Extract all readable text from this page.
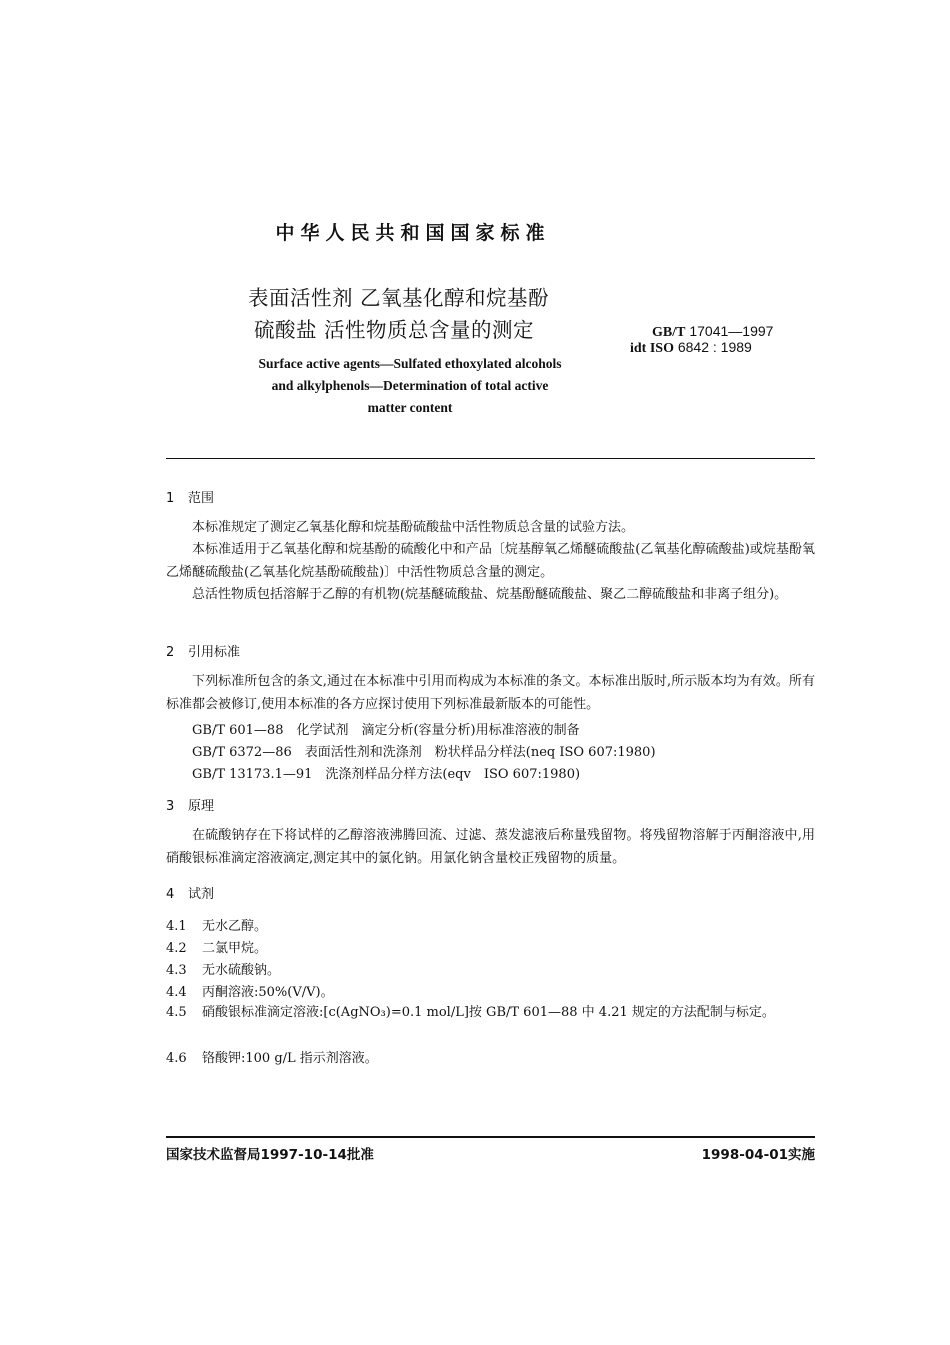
中华人民共和国国家标准
表面活性剂 乙氧基化醇和烷基酚
硫酸盐 活性物质总含量的测定	GB/T 17041—1997
idt ISO 6842 : 1989
Surface active agents—Sulfated ethoxylated alcohols
and alkylphenols—Determination of total active
matter content
1 范围
本标准规定了测定乙氧基化醇和烷基酚硫酸盐中活性物质总含量的试验方法。
本标准适用于乙氧基化醇和烷基酚的硫酸化中和产品〔烷基醇氧乙烯醚硫酸盐(乙氧基化醇硫酸盐)或烷基酚氧乙烯醚硫酸盐(乙氧基化烷基酚硫酸盐)〕中活性物质总含量的测定。
总活性物质包括溶解于乙醇的有机物(烷基醚硫酸盐、烷基酚醚硫酸盐、聚乙二醇硫酸盐和非离子组分)。
2 引用标准
下列标准所包含的条文,通过在本标准中引用而构成为本标准的条文。本标准出版时,所示版本均为有效。所有标准都会被修订,使用本标准的各方应探讨使用下列标准最新版本的可能性。
GB/T 601—88　化学试剂　滴定分析(容量分析)用标准溶液的制备
GB/T 6372—86　表面活性剂和洗涤剂　粉状样品分样法(neq ISO 607:1980)
GB/T 13173.1—91　洗涤剂样品分样方法(eqv　ISO 607:1980)
3 原理
在硫酸钠存在下将试样的乙醇溶液沸腾回流、过滤、蒸发滤液后称量残留物。将残留物溶解于丙酮溶液中,用硝酸银标准滴定溶液滴定,测定其中的氯化钠。用氯化钠含量校正残留物的质量。
4 试剂
4.1 无水乙醇。
4.2 二氯甲烷。
4.3 无水硫酸钠。
4.4 丙酮溶液:50%(V/V)。
4.5 硝酸银标准滴定溶液:[c(AgNO₃)=0.1 mol/L]按 GB/T 601—88 中 4.21 规定的方法配制与标定。
4.6 铬酸钾:100 g/L 指示剂溶液。
国家技术监督局1997-10-14批准	1998-04-01实施
